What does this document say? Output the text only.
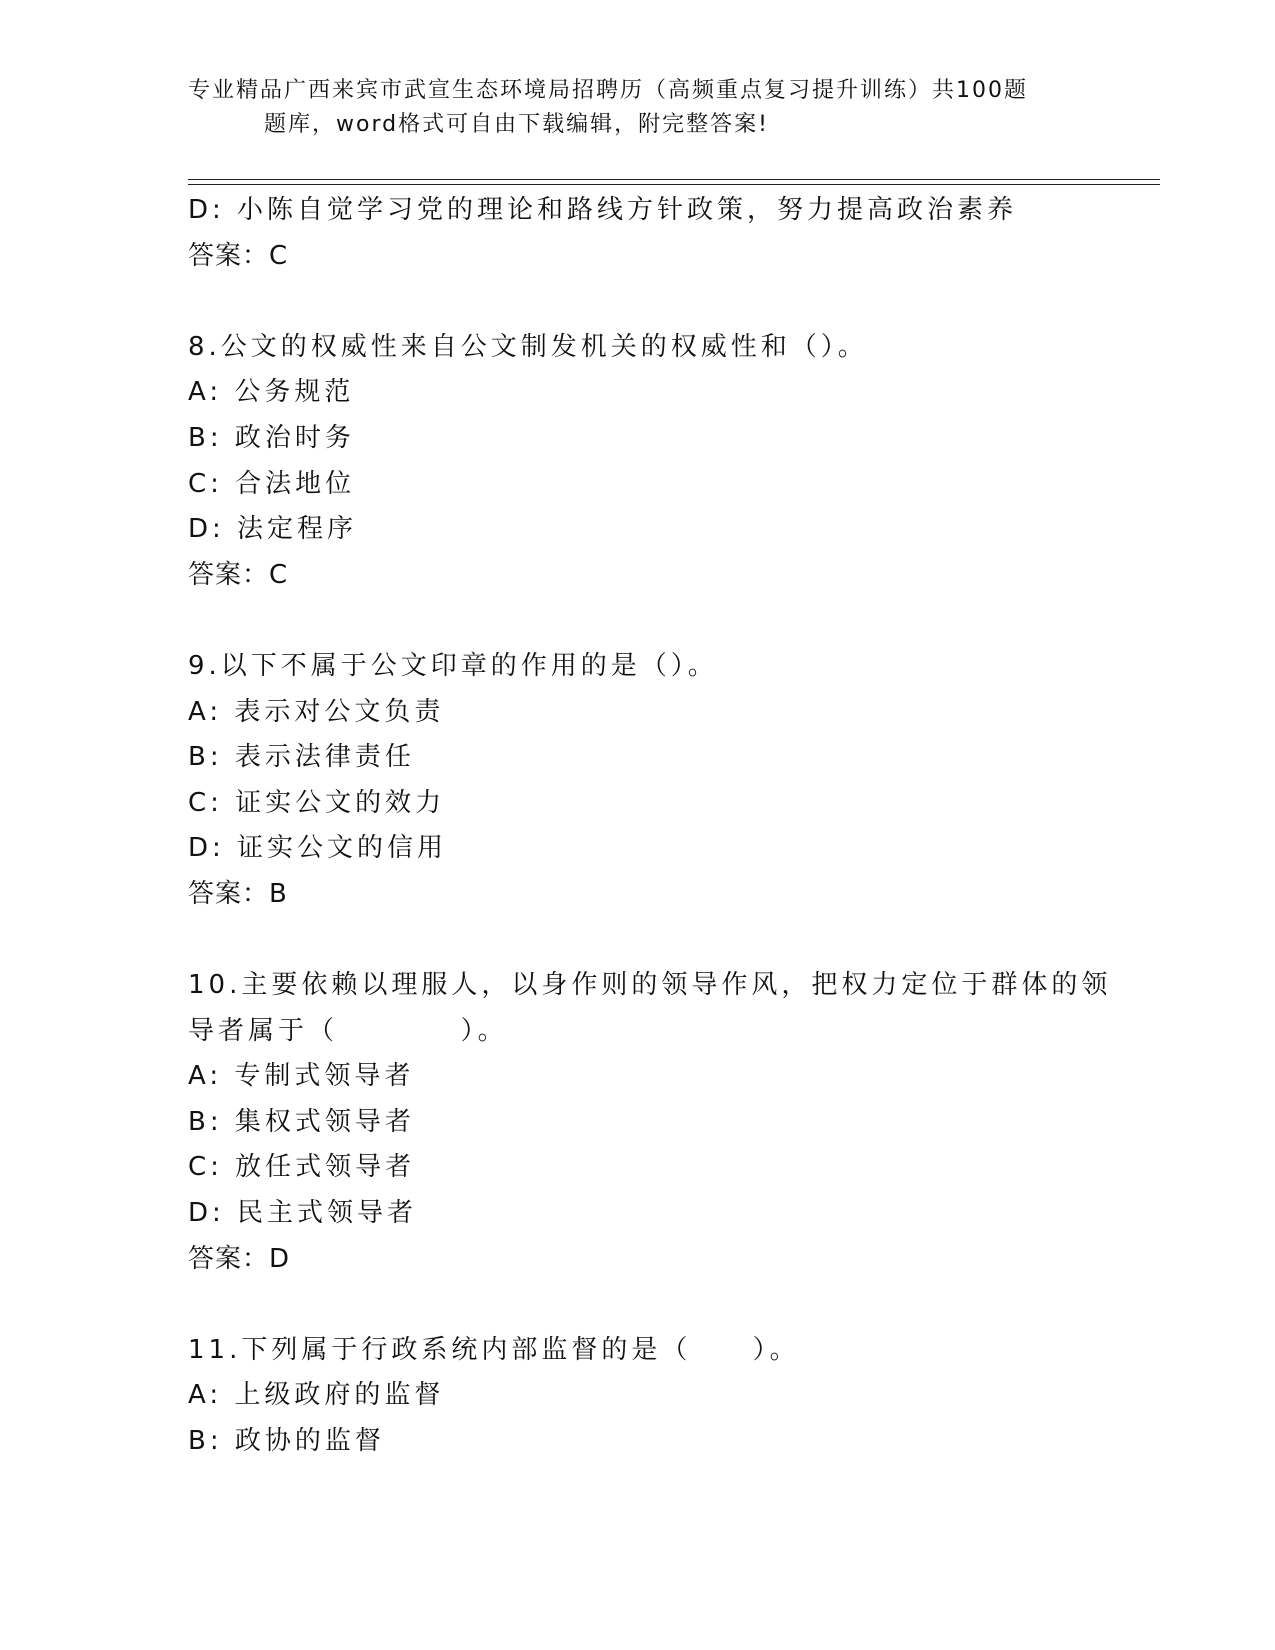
专业精品广西来宾市武宣生态环境局招聘历（高频重点复习提升训练）共100题
题库，word格式可自由下载编辑，附完整答案!
D: 小陈自觉学习党的理论和路线方针政策，努力提高政治素养
答案：C
8.公文的权威性来自公文制发机关的权威性和（）。
A: 公务规范
B: 政治时务
C: 合法地位
D: 法定程序
答案：C
9.以下不属于公文印章的作用的是（）。
A: 表示对公文负责
B: 表示法律责任
C: 证实公文的效力
D: 证实公文的信用
答案：B
10.主要依赖以理服人，以身作则的领导作风，把权力定位于群体的领
导者属于（          ）。
A: 专制式领导者
B: 集权式领导者
C: 放任式领导者
D: 民主式领导者
答案：D
11.下列属于行政系统内部监督的是（     ）。
A: 上级政府的监督
B: 政协的监督
